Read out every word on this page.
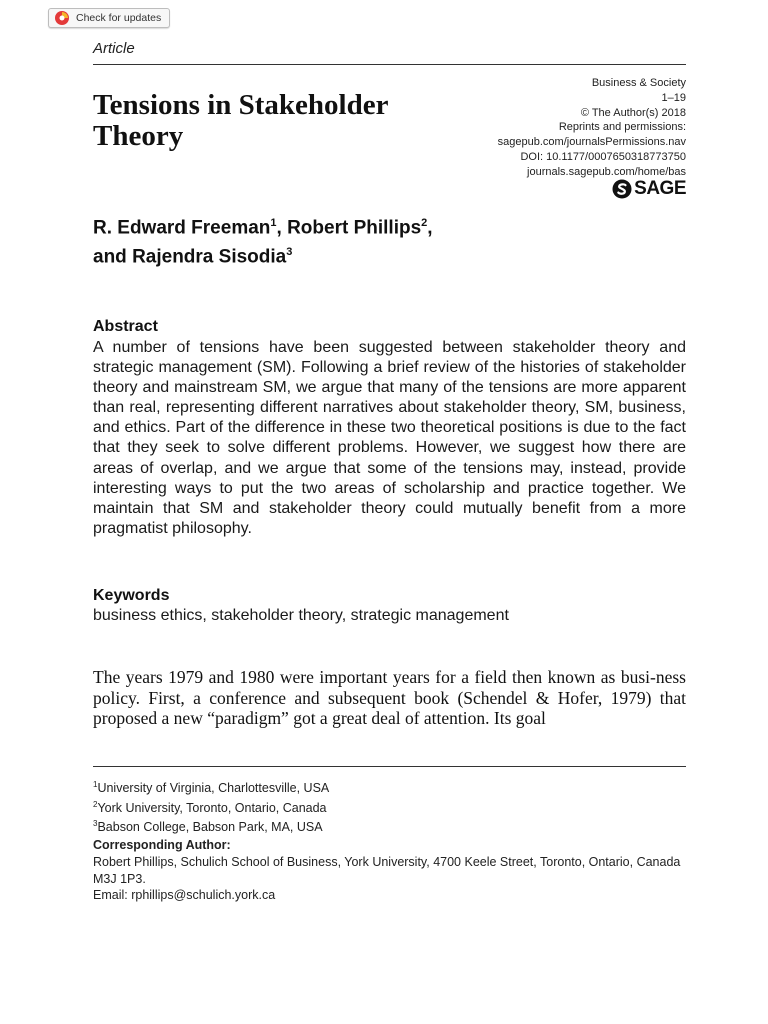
Check for updates
Article
Tensions in Stakeholder Theory
Business & Society
1–19
© The Author(s) 2018
Reprints and permissions:
sagepub.com/journalsPermissions.nav
DOI: 10.1177/0007650318773750
journals.sagepub.com/home/bas
SAGE
R. Edward Freeman$^1$, Robert Phillips$^2$,
and Rajendra Sisodia$^3$
Abstract

A number of tensions have been suggested between stakeholder theory and strategic management (SM). Following a brief review of the histories of stakeholder theory and mainstream SM, we argue that many of the tensions are more apparent than real, representing different narratives about stakeholder theory, SM, business, and ethics. Part of the difference in these two theoretical positions is due to the fact that they seek to solve different problems. However, we suggest how there are areas of overlap, and we argue that some of the tensions may, instead, provide interesting ways to put the two areas of scholarship and practice together. We maintain that SM and stakeholder theory could mutually benefit from a more pragmatist philosophy.

Keywords
business ethics, stakeholder theory, strategic management

The years 1979 and 1980 were important years for a field then known as busi-ness policy. First, a conference and subsequent book (Schendel & Hofer, 1979) that proposed a new “paradigm” got a great deal of attention. Its goal

$^1$University of Virginia, Charlottesville, USA
$^2$York University, Toronto, Ontario, Canada
$^3$Babson College, Babson Park, MA, USA
Corresponding Author:
Robert Phillips, Schulich School of Business, York University, 4700 Keele Street, Toronto, Ontario, Canada M3J 1P3.
Email: rphillips@schulich.york.ca
